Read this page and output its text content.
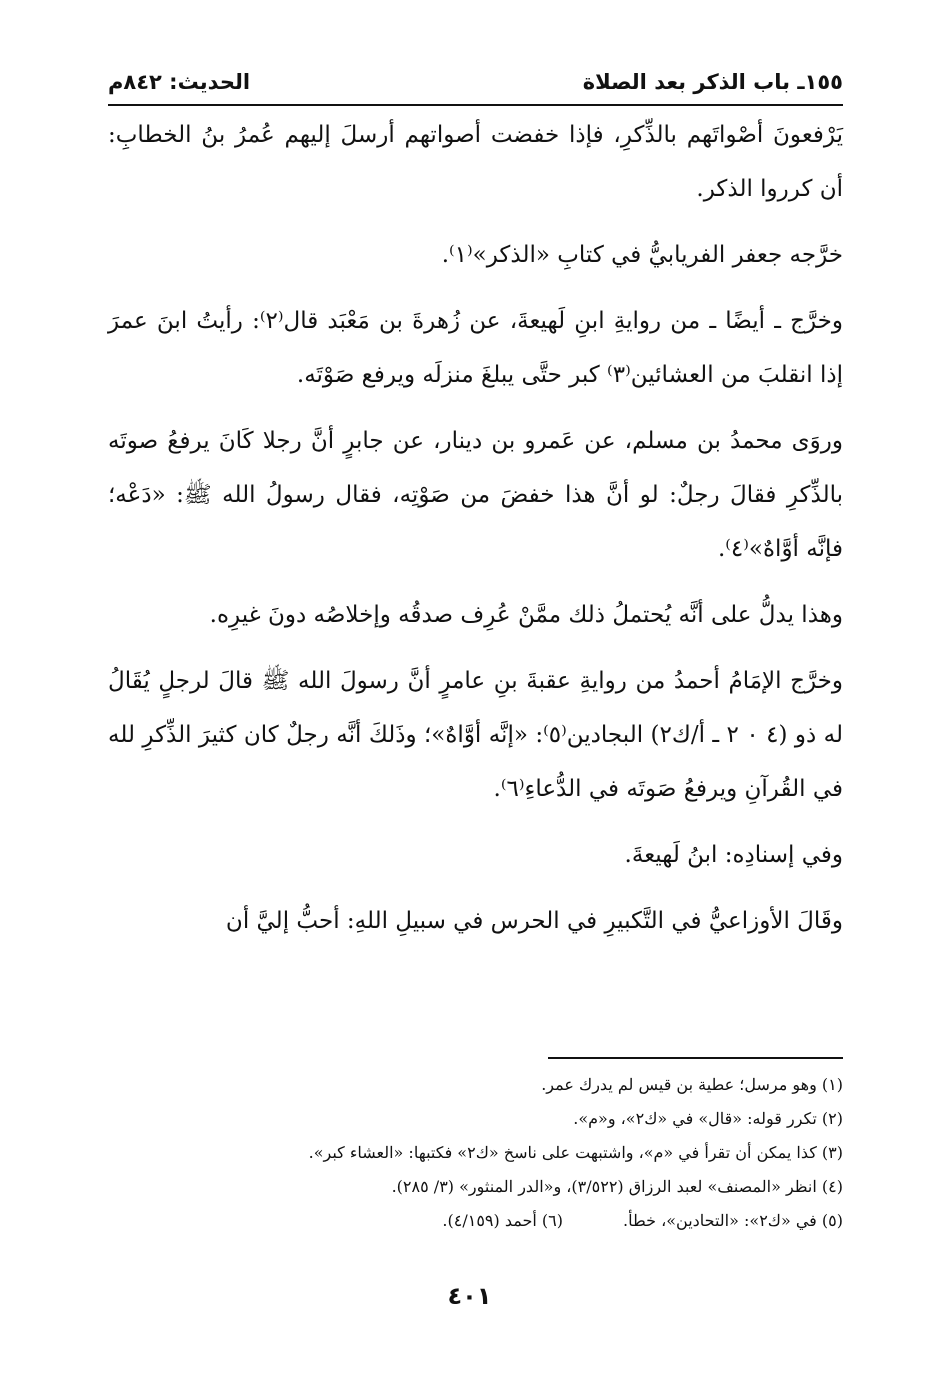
١٥٥ـ باب الذكر بعد الصلاة
الحديث: ٨٤٢م

يَرْفعونَ أصْواتَهم بالذِّكرِ، فإذا خفضت أصواتهم أرسلَ إليهم عُمرُ بنُ الخطابِ: أن كرروا الذكر.

خرَّجه جعفر الفريابيُّ في كتابِ «الذكر»⁽١⁾.

وخرَّج ـ أيضًا ـ من روايةِ ابنِ لَهيعةَ، عن زُهرةَ بن مَعْبَد قال⁽٢⁾: رأيتُ ابنَ عمرَ إذا انقلبَ من العشائين⁽٣⁾ كبر حتَّى يبلغَ منزلَه ويرفع صَوْتَه.

وروَى محمدُ بن مسلم، عن عَمرو بن دينار، عن جابرٍ أنَّ رجلا كَانَ يرفعُ صوتَه بالذِّكرِ فقالَ رجلٌ: لو أنَّ هذا خفضَ من صَوْتِه، فقال رسولُ الله ﷺ: «دَعْه؛ فإنَّه أوَّاهٌ»⁽٤⁾.

وهذا يدلُّ على أنَّه يُحتملُ ذلك ممَّنْ عُرِف صدقُه وإخلاصُه دونَ غيرِه.

وخرَّج الإمَامُ أحمدُ من روايةِ عقبةَ بنِ عامرٍ أنَّ رسولَ الله ﷺ قالَ لرجلٍ يُقَالُ له ذو (٤ ٠ ٢ ـ أ/ك٢) البجادين⁽٥⁾: «إنَّه أوَّاهٌ»؛ وذَلكَ أنَّه رجلٌ كان كثيرَ الذِّكرِ لله في القُرآنِ ويرفعُ صَوتَه في الدُّعاءِ⁽٦⁾.

وفي إسنادِه: ابنُ لَهيعةَ.

وقَالَ الأوزاعيُّ في التَّكبيرِ في الحرس في سبيلِ اللهِ: أحبُّ إليَّ أن

(١) وهو مرسل؛ عطية بن قيس لم يدرك عمر.

(٢) تكرر قوله: «قال» في «ك٢»، و«م».

(٣) كذا يمكن أن تقرأ في «م»، واشتبهت على ناسخ «ك٢» فكتبها: «العشاء كبر».

(٤) انظر «المصنف» لعبد الرزاق (٣/٥٢٢)، و«الدر المنثور» (٣/ ٢٨٥).

(٥) في «ك٢»: «التحادين»، خطأ.

(٦) أحمد (٤/١٥٩).

٤٠١
